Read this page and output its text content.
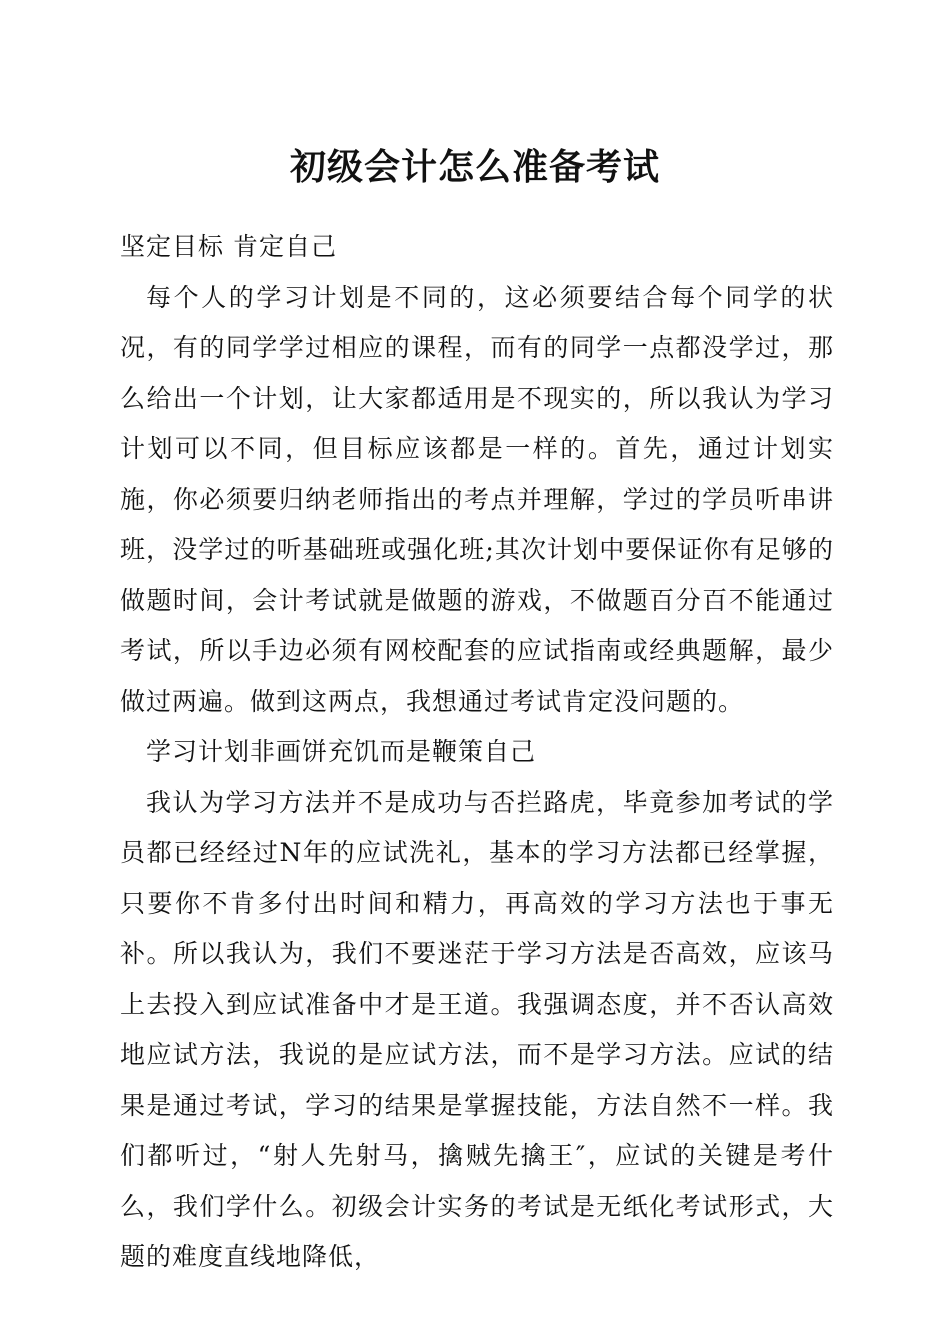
初级会计怎么准备考试

坚定目标 肯定自己

每个人的学习计划是不同的，这必须要结合每个同学的状况，有的同学学过相应的课程，而有的同学一点都没学过，那么给出一个计划，让大家都适用是不现实的，所以我认为学习计划可以不同，但目标应该都是一样的。首先，通过计划实施，你必须要归纳老师指出的考点并理解，学过的学员听串讲班，没学过的听基础班或强化班;其次计划中要保证你有足够的做题时间，会计考试就是做题的游戏，不做题百分百不能通过考试，所以手边必须有网校配套的应试指南或经典题解，最少做过两遍。做到这两点，我想通过考试肯定没问题的。

学习计划非画饼充饥而是鞭策自己

我认为学习方法并不是成功与否拦路虎，毕竟参加考试的学员都已经经过N年的应试洗礼，基本的学习方法都已经掌握，只要你不肯多付出时间和精力，再高效的学习方法也于事无补。所以我认为，我们不要迷茫于学习方法是否高效，应该马上去投入到应试准备中才是王道。我强调态度，并不否认高效地应试方法，我说的是应试方法，而不是学习方法。应试的结果是通过考试，学习的结果是掌握技能，方法自然不一样。我们都听过，“射人先射马，擒贼先擒王″，应试的关键是考什么，我们学什么。初级会计实务的考试是无纸化考试形式，大题的难度直线地降低，
